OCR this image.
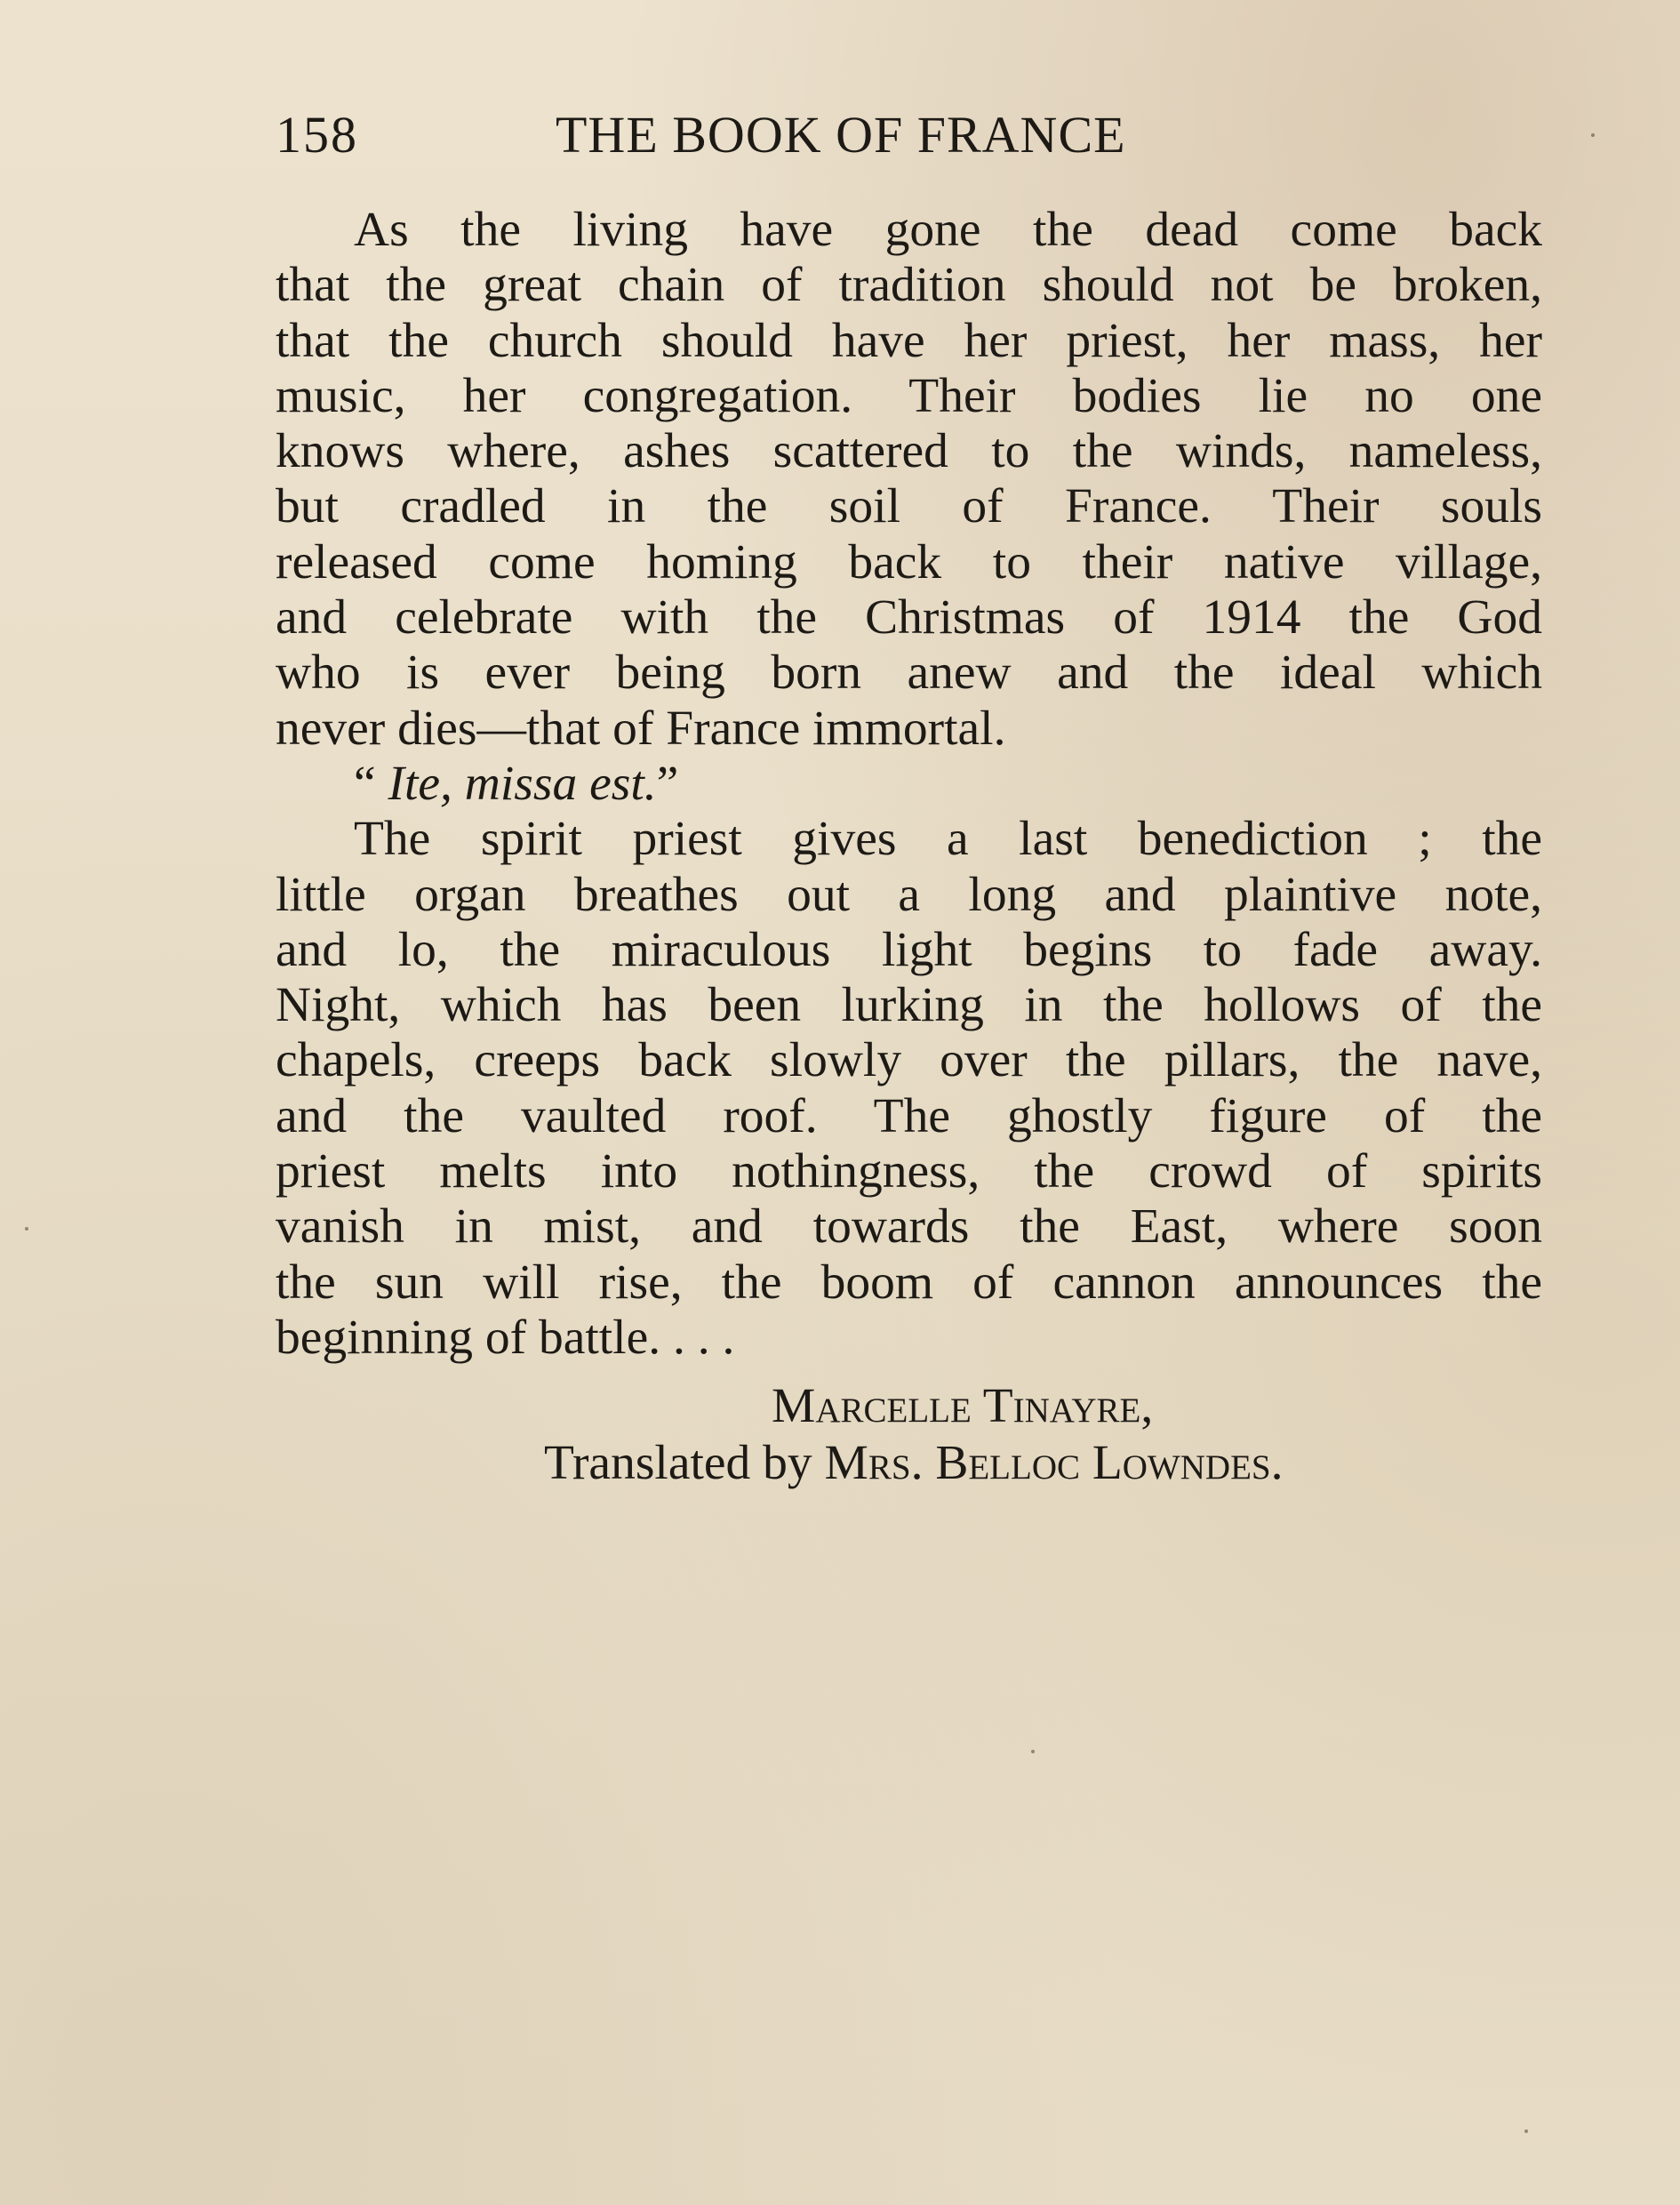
158	THE BOOK OF FRANCE
As the living have gone the dead come back
that the great chain of tradition should not be broken,
that the church should have her priest, her mass, her
music, her congregation. Their bodies lie no one
knows where, ashes scattered to the winds, nameless,
but cradled in the soil of France. Their souls
released come homing back to their native village,
and celebrate with the Christmas of 1914 the God
who is ever being born anew and the ideal which
never dies—that of France immortal.
“ Ite, missa est.”
The spirit priest gives a last benediction ; the
little organ breathes out a long and plaintive note,
and lo, the miraculous light begins to fade away.
Night, which has been lurking in the hollows of the
chapels, creeps back slowly over the pillars, the nave,
and the vaulted roof. The ghostly figure of the
priest melts into nothingness, the crowd of spirits
vanish in mist, and towards the East, where soon
the sun will rise, the boom of cannon announces the
beginning of battle. . . .
Marcelle Tinayre,
Translated by Mrs. Belloc Lowndes.
